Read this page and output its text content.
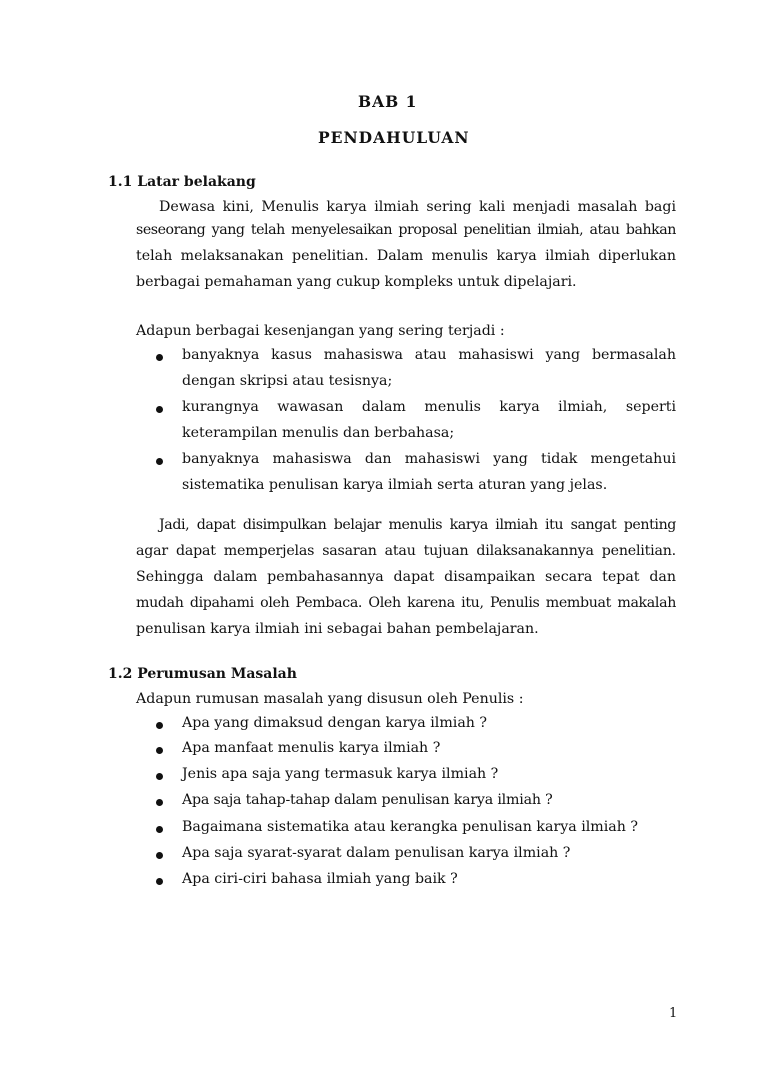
BAB 1
PENDAHULUAN
1.1 Latar belakang
Dewasa kini, Menulis karya ilmiah sering kali menjadi masalah bagi
seseorang yang telah menyelesaikan proposal penelitian ilmiah, atau bahkan
telah melaksanakan penelitian. Dalam menulis karya ilmiah diperlukan
berbagai pemahaman yang cukup kompleks untuk dipelajari.
Adapun berbagai kesenjangan yang sering terjadi :
banyaknya kasus mahasiswa atau mahasiswi yang bermasalah
dengan skripsi atau tesisnya;
kurangnya wawasan dalam menulis karya ilmiah, seperti
keterampilan menulis dan berbahasa;
banyaknya mahasiswa dan mahasiswi yang tidak mengetahui
sistematika penulisan karya ilmiah serta aturan yang jelas.
Jadi, dapat disimpulkan belajar menulis karya ilmiah itu sangat penting
agar dapat memperjelas sasaran atau tujuan dilaksanakannya penelitian.
Sehingga dalam pembahasannya dapat disampaikan secara tepat dan
mudah dipahami oleh Pembaca. Oleh karena itu, Penulis membuat makalah
penulisan karya ilmiah ini sebagai bahan pembelajaran.
1.2 Perumusan Masalah
Adapun rumusan masalah yang disusun oleh Penulis :
Apa yang dimaksud dengan karya ilmiah ?
Apa manfaat menulis karya ilmiah ?
Jenis apa saja yang termasuk karya ilmiah ?
Apa saja tahap-tahap dalam penulisan karya ilmiah ?
Bagaimana sistematika atau kerangka penulisan karya ilmiah ?
Apa saja syarat-syarat dalam penulisan karya ilmiah ?
Apa ciri-ciri bahasa ilmiah yang baik ?
1
